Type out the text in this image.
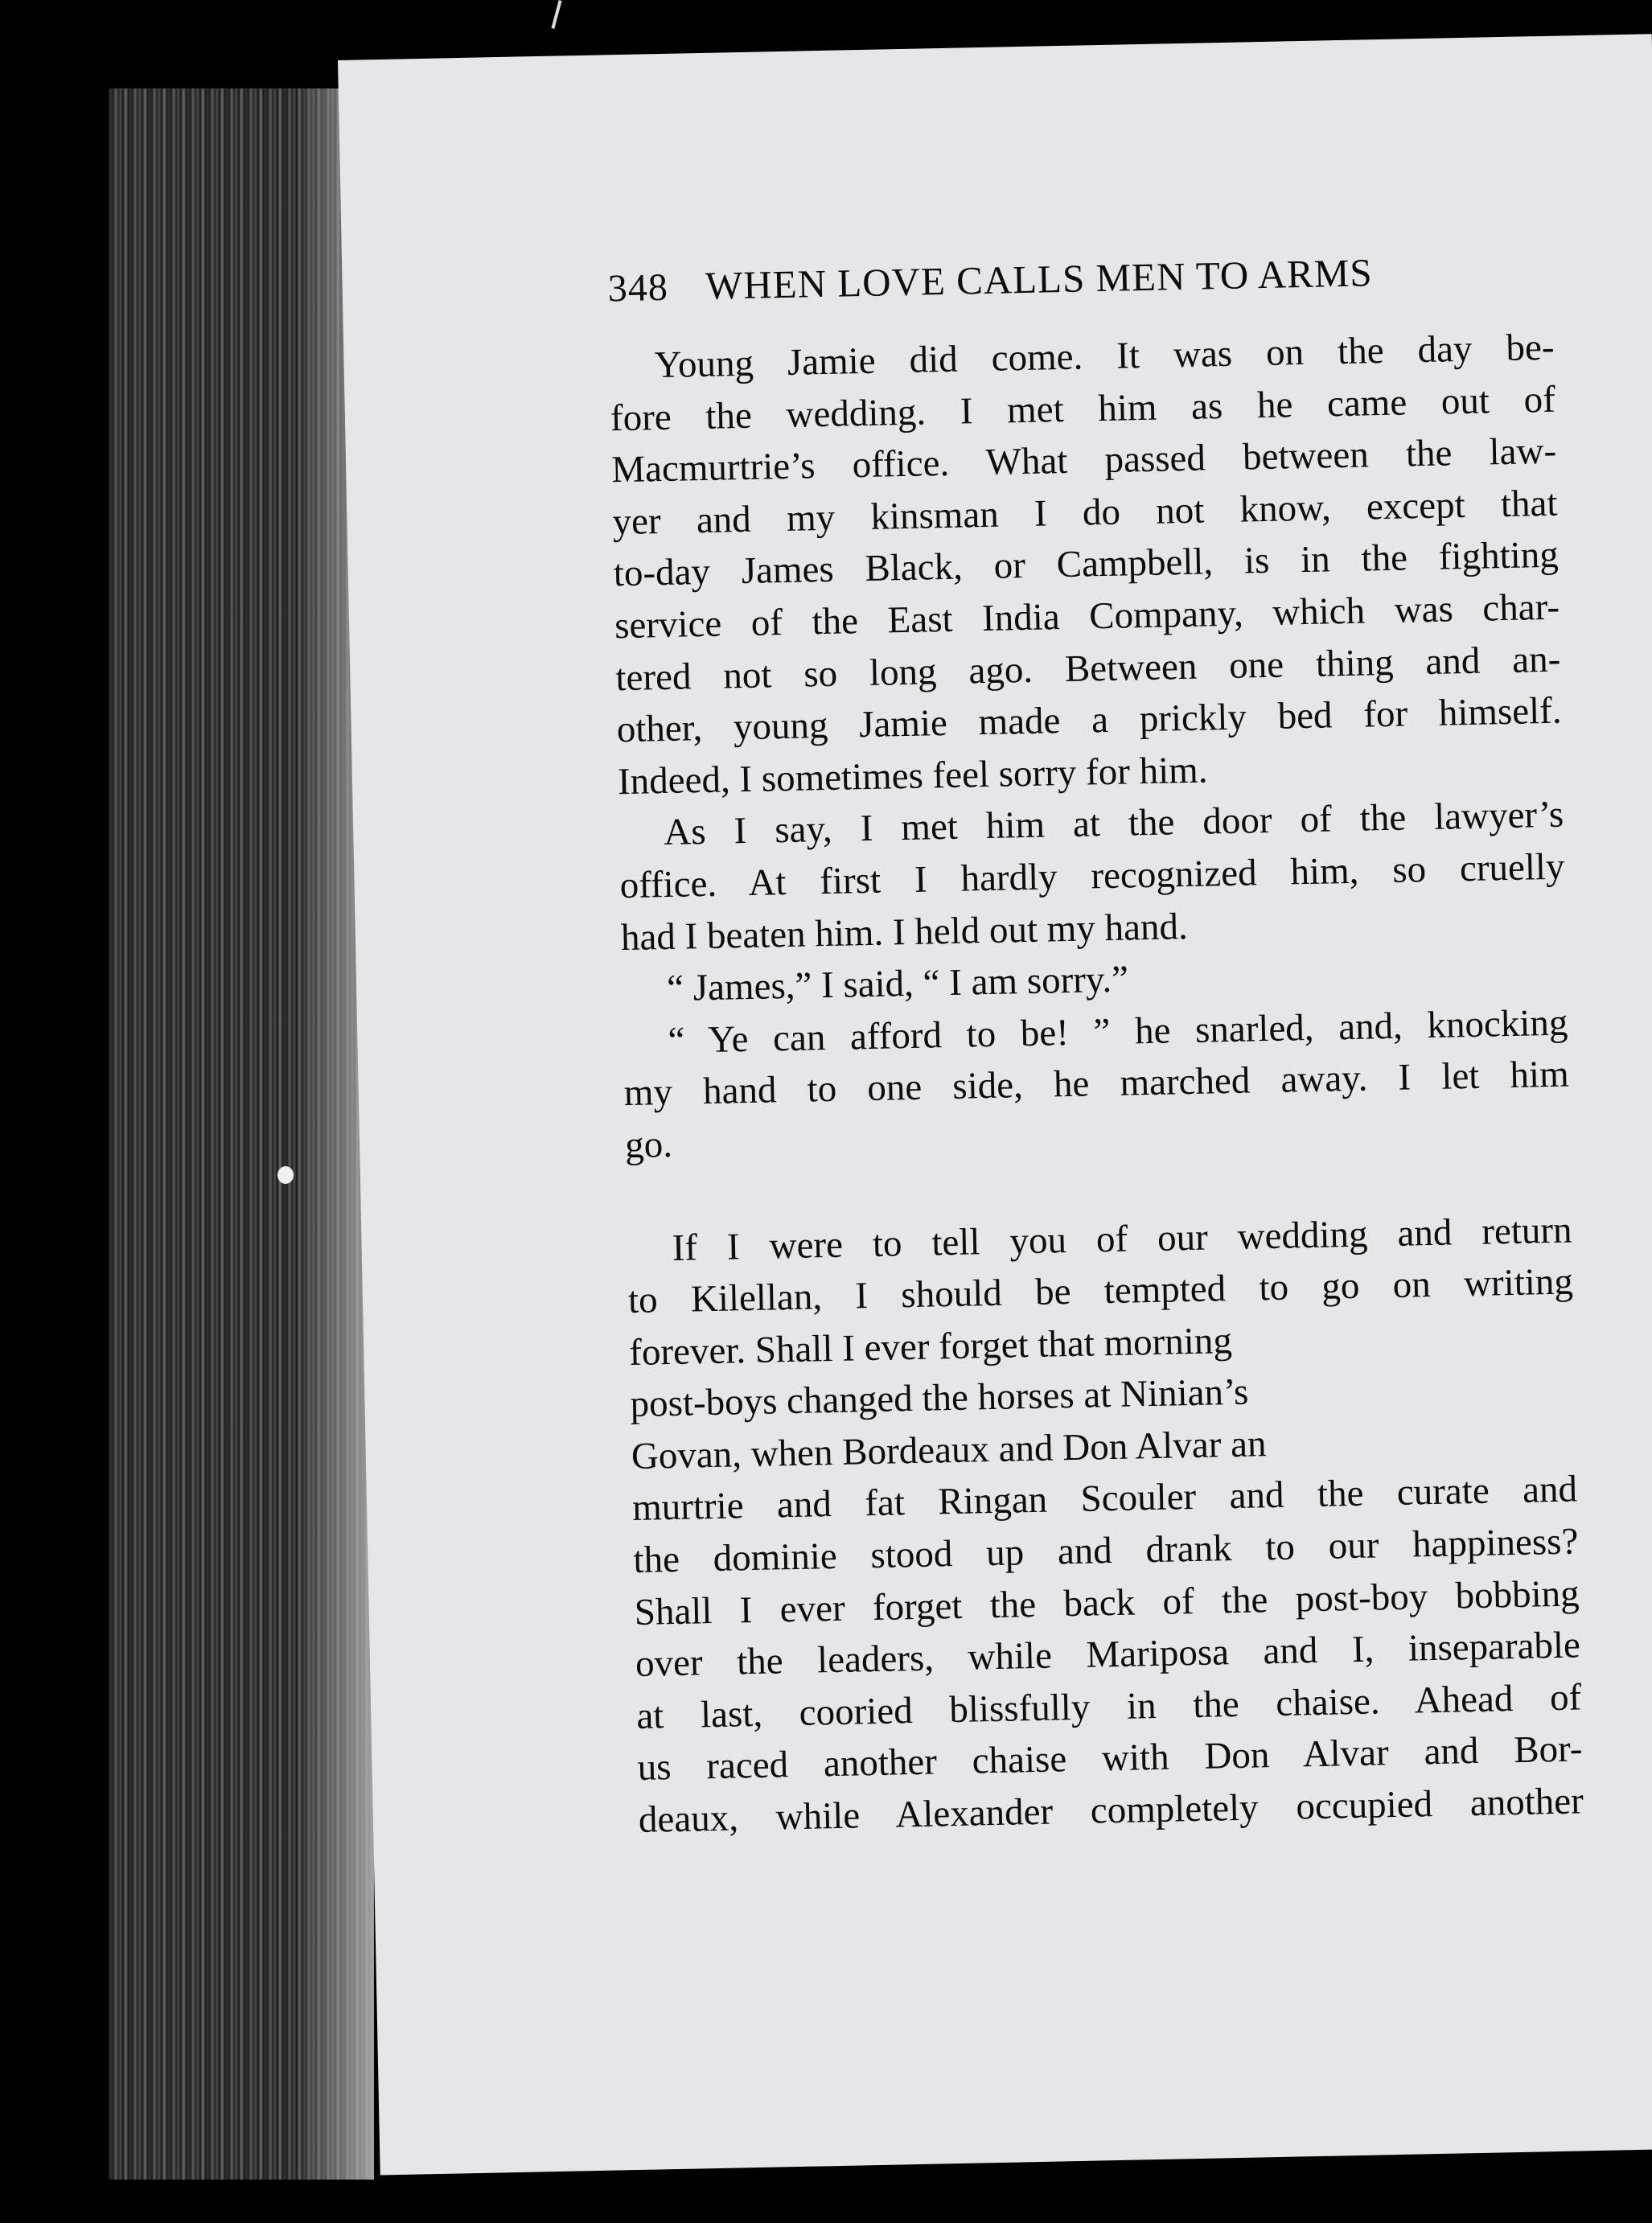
348 WHEN LOVE CALLS MEN TO ARMS
Young Jamie did come. It was on the day be-
fore the wedding. I met him as he came out of
Macmurtrie’s office. What passed between the law-
yer and my kinsman I do not know, except that
to-day James Black, or Campbell, is in the fighting
service of the East India Company, which was char-
tered not so long ago. Between one thing and an-
other, young Jamie made a prickly bed for himself.
Indeed, I sometimes feel sorry for him.
As I say, I met him at the door of the lawyer’s
office. At first I hardly recognized him, so cruelly
had I beaten him. I held out my hand.
“ James,” I said, “ I am sorry.”
“ Ye can afford to be! ” he snarled, and, knocking
my hand to one side, he marched away. I let him
go.
If I were to tell you of our wedding and return
to Kilellan, I should be tempted to go on writing
forever. Shall I ever forget that morning
post-boys changed the horses at Ninian’s
Govan, when Bordeaux and Don Alvar an
murtrie and fat Ringan Scouler and the curate and
the dominie stood up and drank to our happiness?
Shall I ever forget the back of the post-boy bobbing
over the leaders, while Mariposa and I, inseparable
at last, cooried blissfully in the chaise. Ahead of
us raced another chaise with Don Alvar and Bor-
deaux, while Alexander completely occupied another
